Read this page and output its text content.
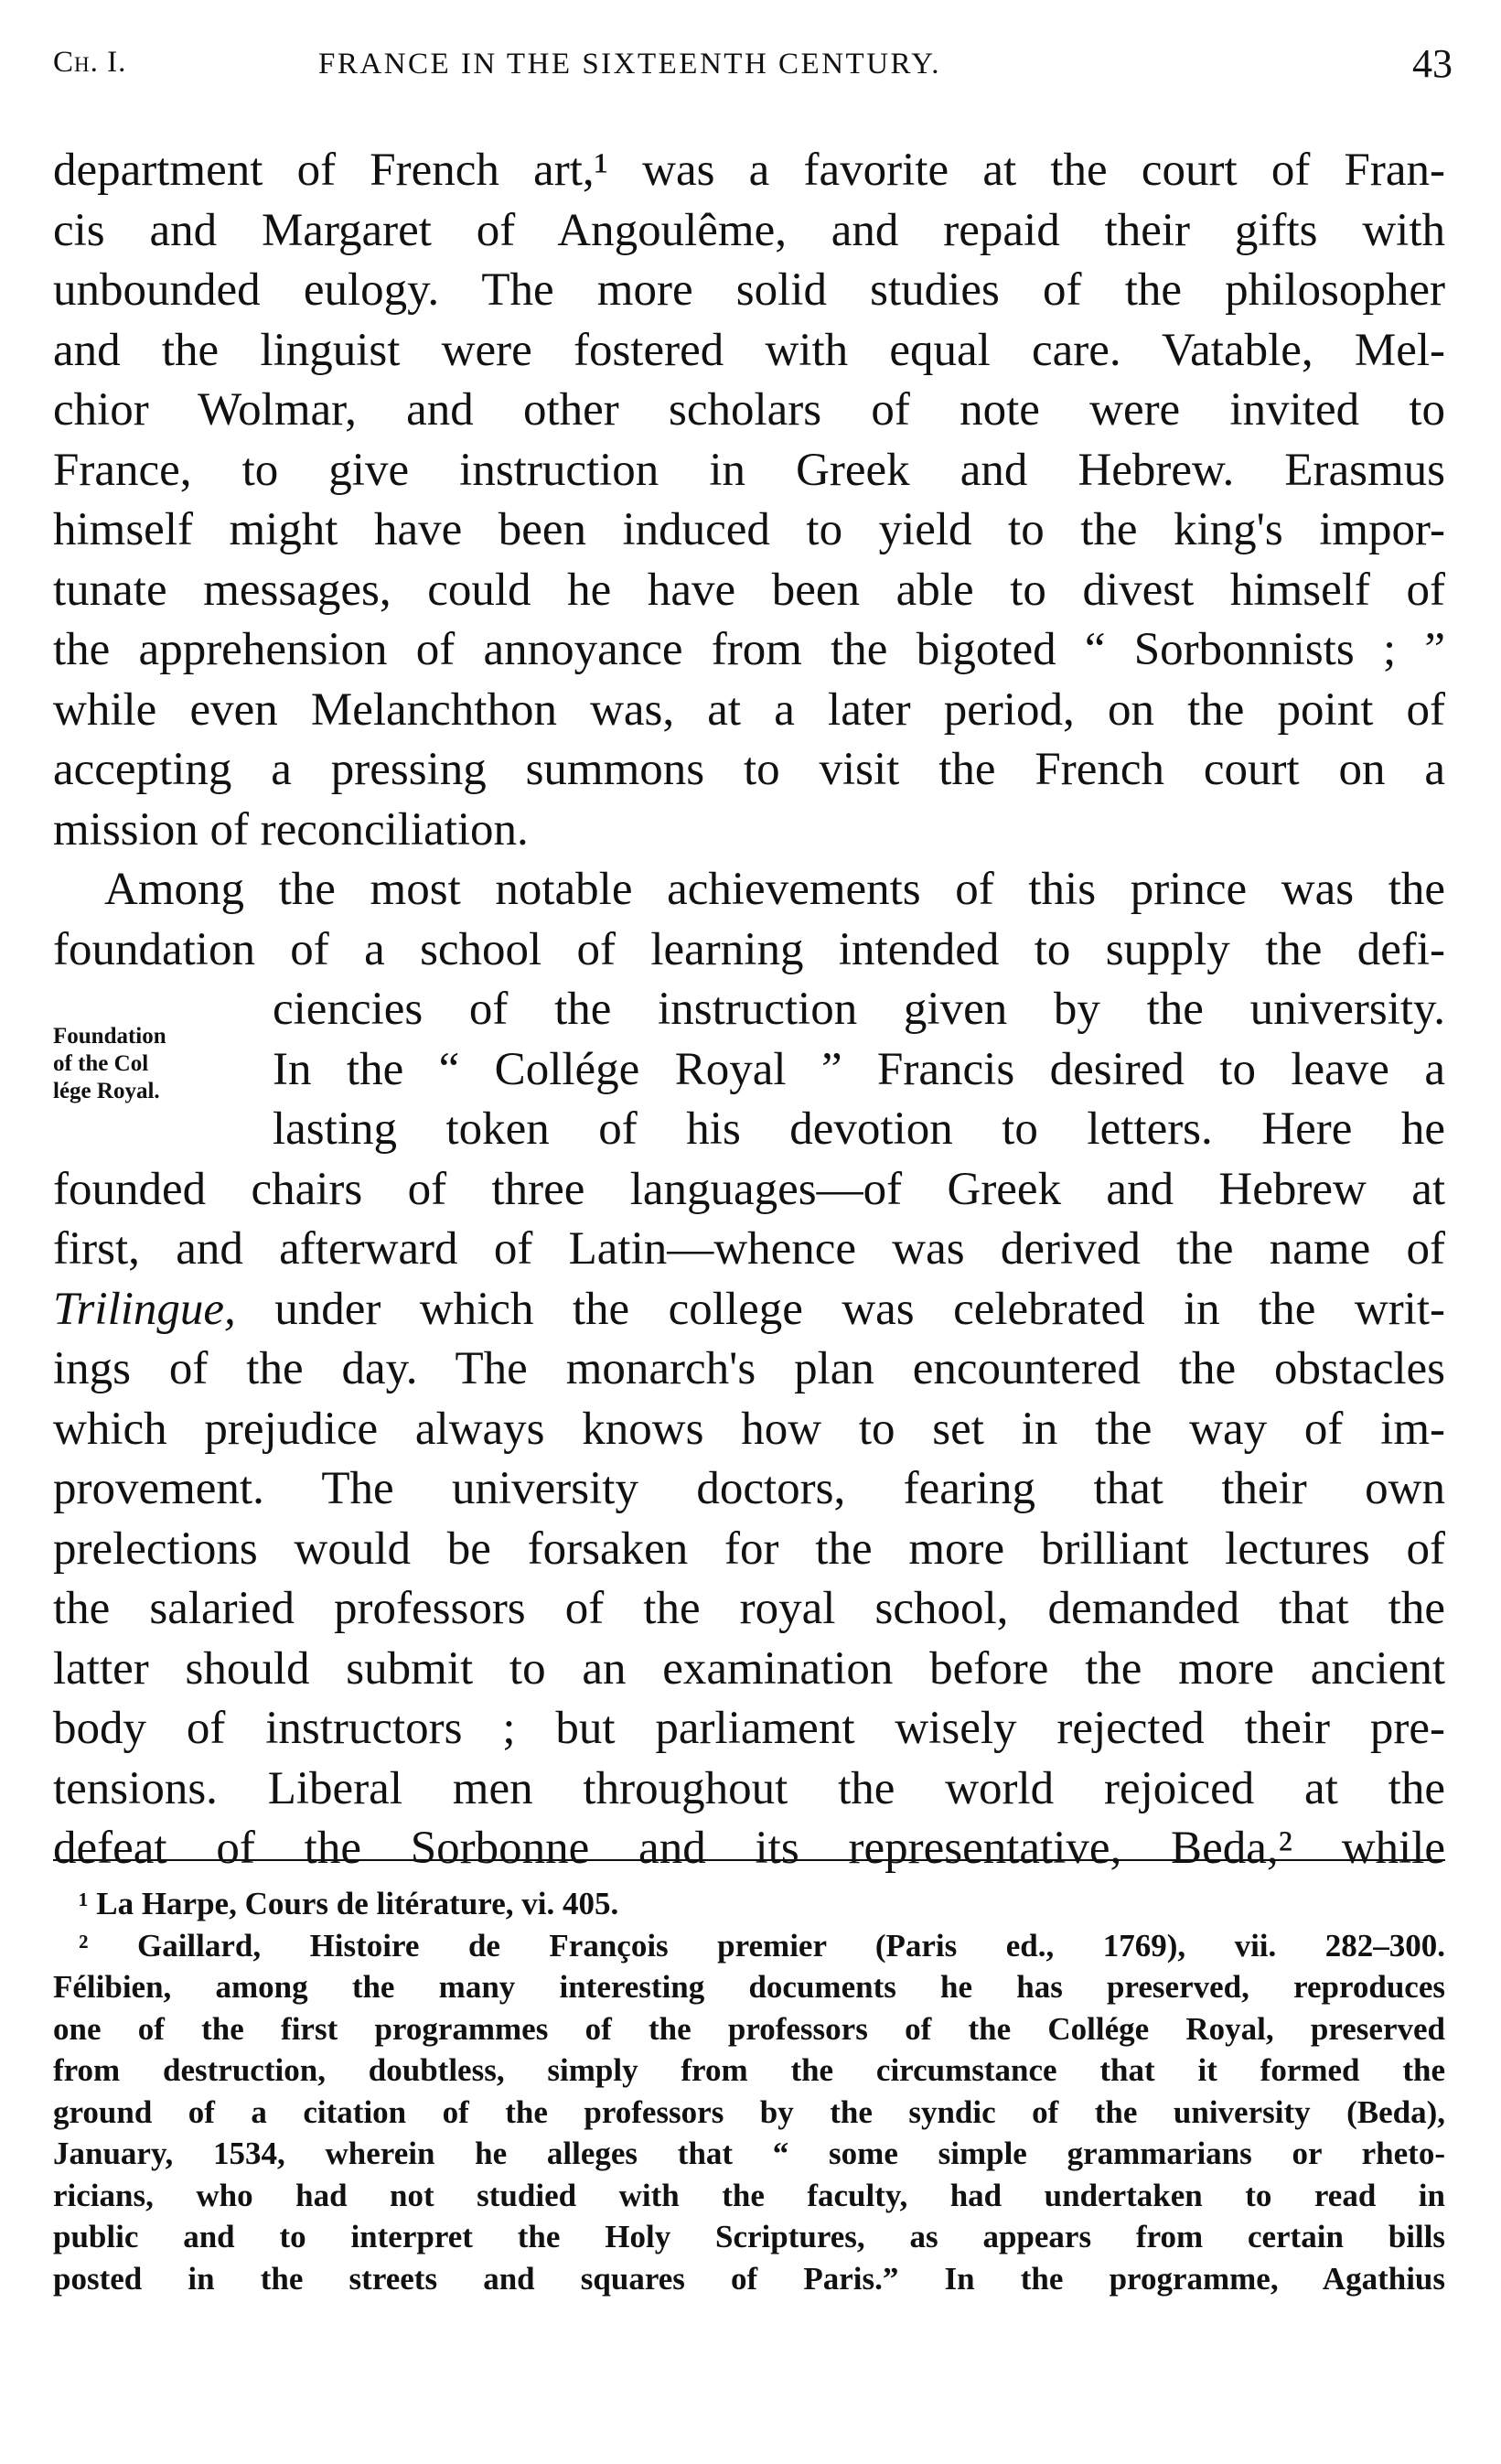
Ch. I.	FRANCE IN THE SIXTEENTH CENTURY.	43
department of French art,¹ was a favorite at the court of Fran-
cis and Margaret of Angoulême, and repaid their gifts with
unbounded eulogy. The more solid studies of the philosopher
and the linguist were fostered with equal care. Vatable, Mel-
chior Wolmar, and other scholars of note were invited to
France, to give instruction in Greek and Hebrew. Erasmus
himself might have been induced to yield to the king's impor-
tunate messages, could he have been able to divest himself of
the apprehension of annoyance from the bigoted “ Sorbonnists ; ”
while even Melanchthon was, at a later period, on the point of
accepting a pressing summons to visit the French court on a
mission of reconciliation.
Among the most notable achievements of this prince was the
foundation of a school of learning intended to supply the defi-
ciencies of the instruction given by the university.
In the “ Collége Royal ” Francis desired to leave a
lasting token of his devotion to letters. Here he
founded chairs of three languages—of Greek and Hebrew at
first, and afterward of Latin—whence was derived the name of
Trilingue, under which the college was celebrated in the writ-
ings of the day. The monarch's plan encountered the obstacles
which prejudice always knows how to set in the way of im-
provement. The university doctors, fearing that their own
prelections would be forsaken for the more brilliant lectures of
the salaried professors of the royal school, demanded that the
latter should submit to an examination before the more ancient
body of instructors ; but parliament wisely rejected their pre-
tensions. Liberal men throughout the world rejoiced at the
defeat of the Sorbonne and its representative, Beda,² while
Foundation
of the Col
lége Royal.
¹ La Harpe, Cours de litérature, vi. 405.
² Gaillard, Histoire de François premier (Paris ed., 1769), vii. 282–300.
Félibien, among the many interesting documents he has preserved, reproduces
one of the first programmes of the professors of the Collége Royal, preserved
from destruction, doubtless, simply from the circumstance that it formed the
ground of a citation of the professors by the syndic of the university (Beda),
January, 1534, wherein he alleges that “ some simple grammarians or rheto-
ricians, who had not studied with the faculty, had undertaken to read in
public and to interpret the Holy Scriptures, as appears from certain bills
posted in the streets and squares of Paris.” In the programme, Agathius
